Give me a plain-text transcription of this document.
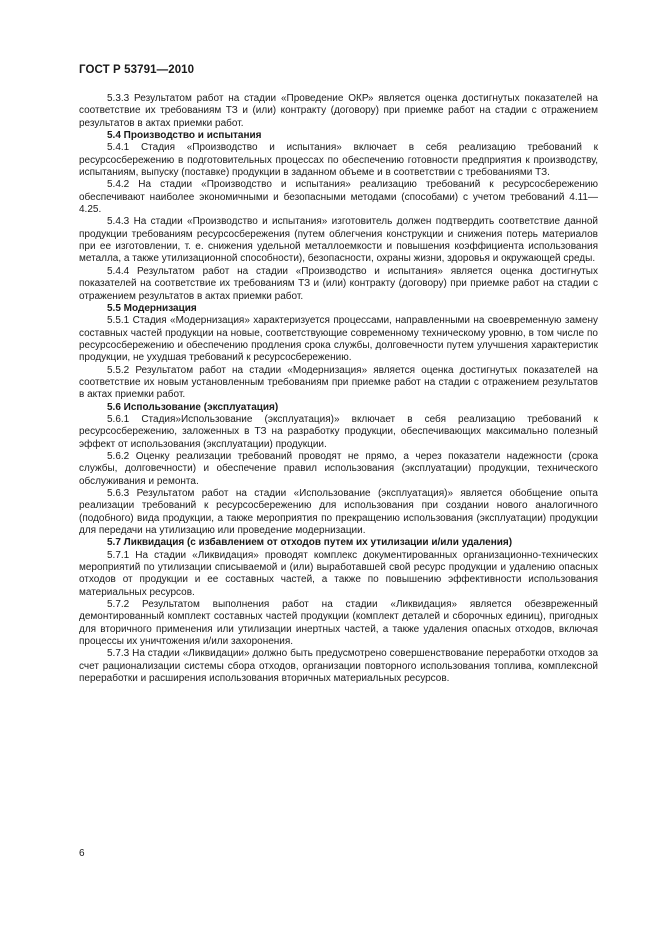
ГОСТ Р 53791—2010

5.3.3 Результатом работ на стадии «Проведение ОКР» является оценка достигнутых показателей на соответствие их требованиям ТЗ и (или) контракту (договору) при приемке работ на стадии с отражением результатов в актах приемки работ.

5.4 Производство и испытания

5.4.1 Стадия «Производство и испытания» включает в себя реализацию требований к ресурсосбережению в подготовительных процессах по обеспечению готовности предприятия к производству, испытаниям, выпуску (поставке) продукции в заданном объеме и в соответствии с требованиями ТЗ.

5.4.2 На стадии «Производство и испытания» реализацию требований к ресурсосбережению обеспечивают наиболее экономичными и безопасными методами (способами) с учетом требований 4.11—4.25.

5.4.3 На стадии «Производство и испытания» изготовитель должен подтвердить соответствие данной продукции требованиям ресурсосбережения (путем облегчения конструкции и снижения потерь материалов при ее изготовлении, т. е. снижения удельной металлоемкости и повышения коэффициента использования металла, а также утилизационной способности), безопасности, охраны жизни, здоровья и окружающей среды.

5.4.4 Результатом работ на стадии «Производство и испытания» является оценка достигнутых показателей на соответствие их требованиям ТЗ и (или) контракту (договору) при приемке работ на стадии с отражением результатов в актах приемки работ.

5.5 Модернизация

5.5.1 Стадия «Модернизация» характеризуется процессами, направленными на своевременную замену составных частей продукции на новые, соответствующие современному техническому уровню, в том числе по ресурсосбережению и обеспечению продления срока службы, долговечности путем улучшения характеристик продукции, не ухудшая требований к ресурсосбережению.

5.5.2 Результатом работ на стадии «Модернизация» является оценка достигнутых показателей на соответствие их новым установленным требованиям при приемке работ на стадии с отражением результатов в актах приемки работ.

5.6 Использование (эксплуатация)

5.6.1 Стадия»Использование (эксплуатация)» включает в себя реализацию требований к ресурсосбережению, заложенных в ТЗ на разработку продукции, обеспечивающих максимально полезный эффект от использования (эксплуатации) продукции.

5.6.2 Оценку реализации требований проводят не прямо, а через показатели надежности (срока службы, долговечности) и обеспечение правил использования (эксплуатации) продукции, технического обслуживания и ремонта.

5.6.3 Результатом работ на стадии «Использование (эксплуатация)» является обобщение опыта реализации требований к ресурсосбережению для использования при создании нового аналогичного (подобного) вида продукции, а также мероприятия по прекращению использования (эксплуатации) продукции для передачи на утилизацию или проведение модернизации.

5.7 Ликвидация (с избавлением от отходов путем их утилизации и/или удаления)

5.7.1 На стадии «Ликвидация» проводят комплекс документированных организационно-технических мероприятий по утилизации списываемой и (или) выработавшей свой ресурс продукции и удалению опасных отходов от продукции и ее составных частей, а также по повышению эффективности использования материальных ресурсов.

5.7.2 Результатом выполнения работ на стадии «Ликвидация» является обезвреженный демонтированный комплект составных частей продукции (комплект деталей и сборочных единиц), пригодных для вторичного применения или утилизации инертных частей, а также удаления опасных отходов, включая процессы их уничтожения и/или захоронения.

5.7.3 На стадии «Ликвидации» должно быть предусмотрено совершенствование переработки отходов за счет рационализации системы сбора отходов, организации повторного использования топлива, комплексной переработки и расширения использования вторичных материальных ресурсов.

6
